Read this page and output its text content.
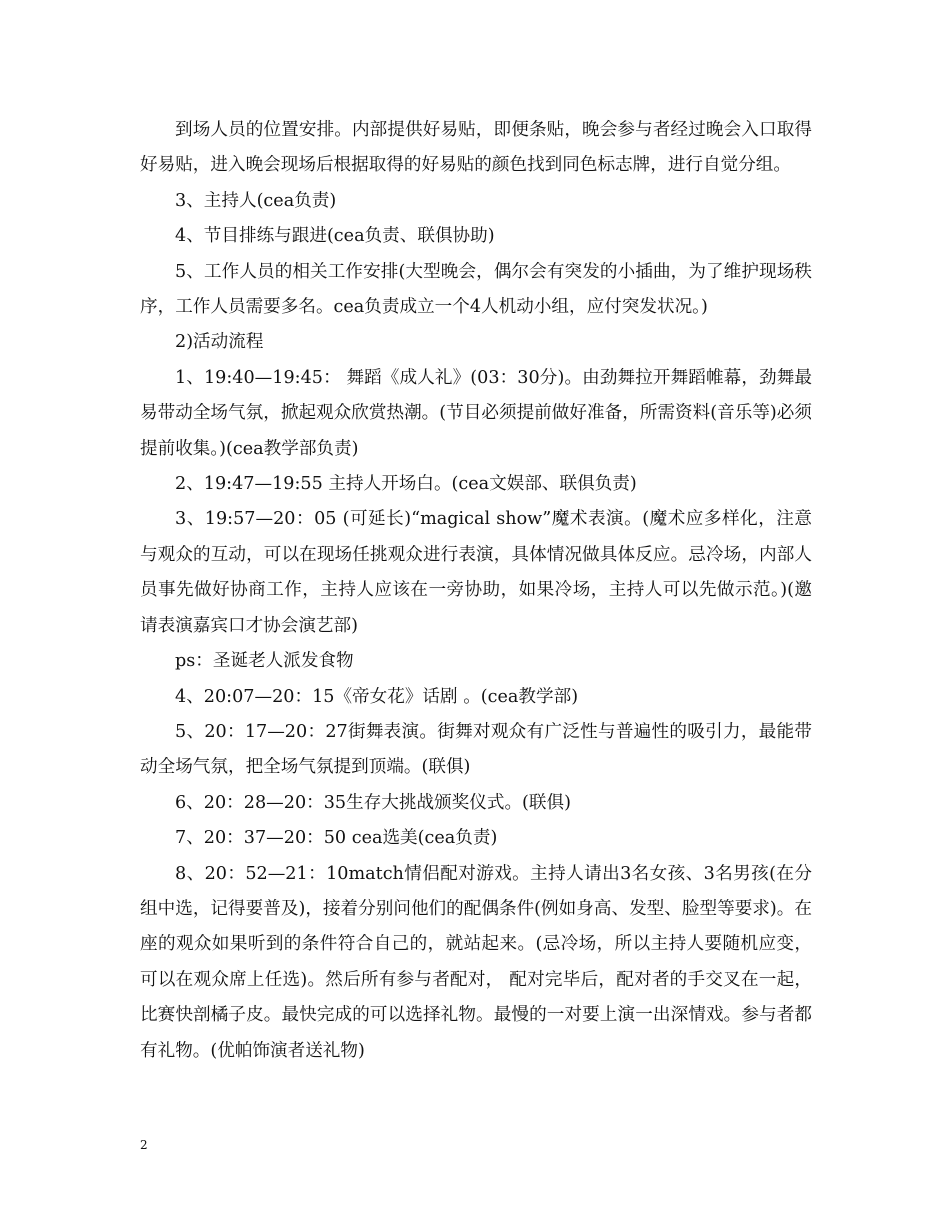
到场人员的位置安排。内部提供好易贴，即便条贴，晚会参与者经过晚会入口取得好易贴，进入晚会现场后根据取得的好易贴的颜色找到同色标志牌，进行自觉分组。

3、主持人(cea负责)

4、节目排练与跟进(cea负责、联俱协助)

5、工作人员的相关工作安排(大型晚会，偶尔会有突发的小插曲，为了维护现场秩序，工作人员需要多名。cea负责成立一个4人机动小组，应付突发状况。)

2)活动流程

1、19:40—19:45： 舞蹈《成人礼》(03：30分)。由劲舞拉开舞蹈帷幕，劲舞最易带动全场气氛，掀起观众欣赏热潮。(节目必须提前做好准备，所需资料(音乐等)必须提前收集。)(cea教学部负责)

2、19:47—19:55 主持人开场白。(cea文娱部、联俱负责)

3、19:57—20：05 (可延长)“magical show”魔术表演。(魔术应多样化，注意与观众的互动，可以在现场任挑观众进行表演，具体情况做具体反应。忌冷场，内部人员事先做好协商工作，主持人应该在一旁协助，如果冷场，主持人可以先做示范。)(邀请表演嘉宾口才协会演艺部)

ps：圣诞老人派发食物

4、20:07—20：15《帝女花》话剧 。(cea教学部)

5、20：17—20：27街舞表演。街舞对观众有广泛性与普遍性的吸引力，最能带动全场气氛，把全场气氛提到顶端。(联俱)

6、20：28—20：35生存大挑战颁奖仪式。(联俱)

7、20：37—20：50 cea选美(cea负责)

8、20：52—21：10match情侣配对游戏。主持人请出3名女孩、3名男孩(在分组中选，记得要普及)，接着分别问他们的配偶条件(例如身高、发型、脸型等要求)。在座的观众如果听到的条件符合自己的，就站起来。(忌冷场，所以主持人要随机应变，可以在观众席上任选)。然后所有参与者配对， 配对完毕后，配对者的手交叉在一起，比赛快剖橘子皮。最快完成的可以选择礼物。最慢的一对要上演一出深情戏。参与者都有礼物。(优帕饰演者送礼物)

2
